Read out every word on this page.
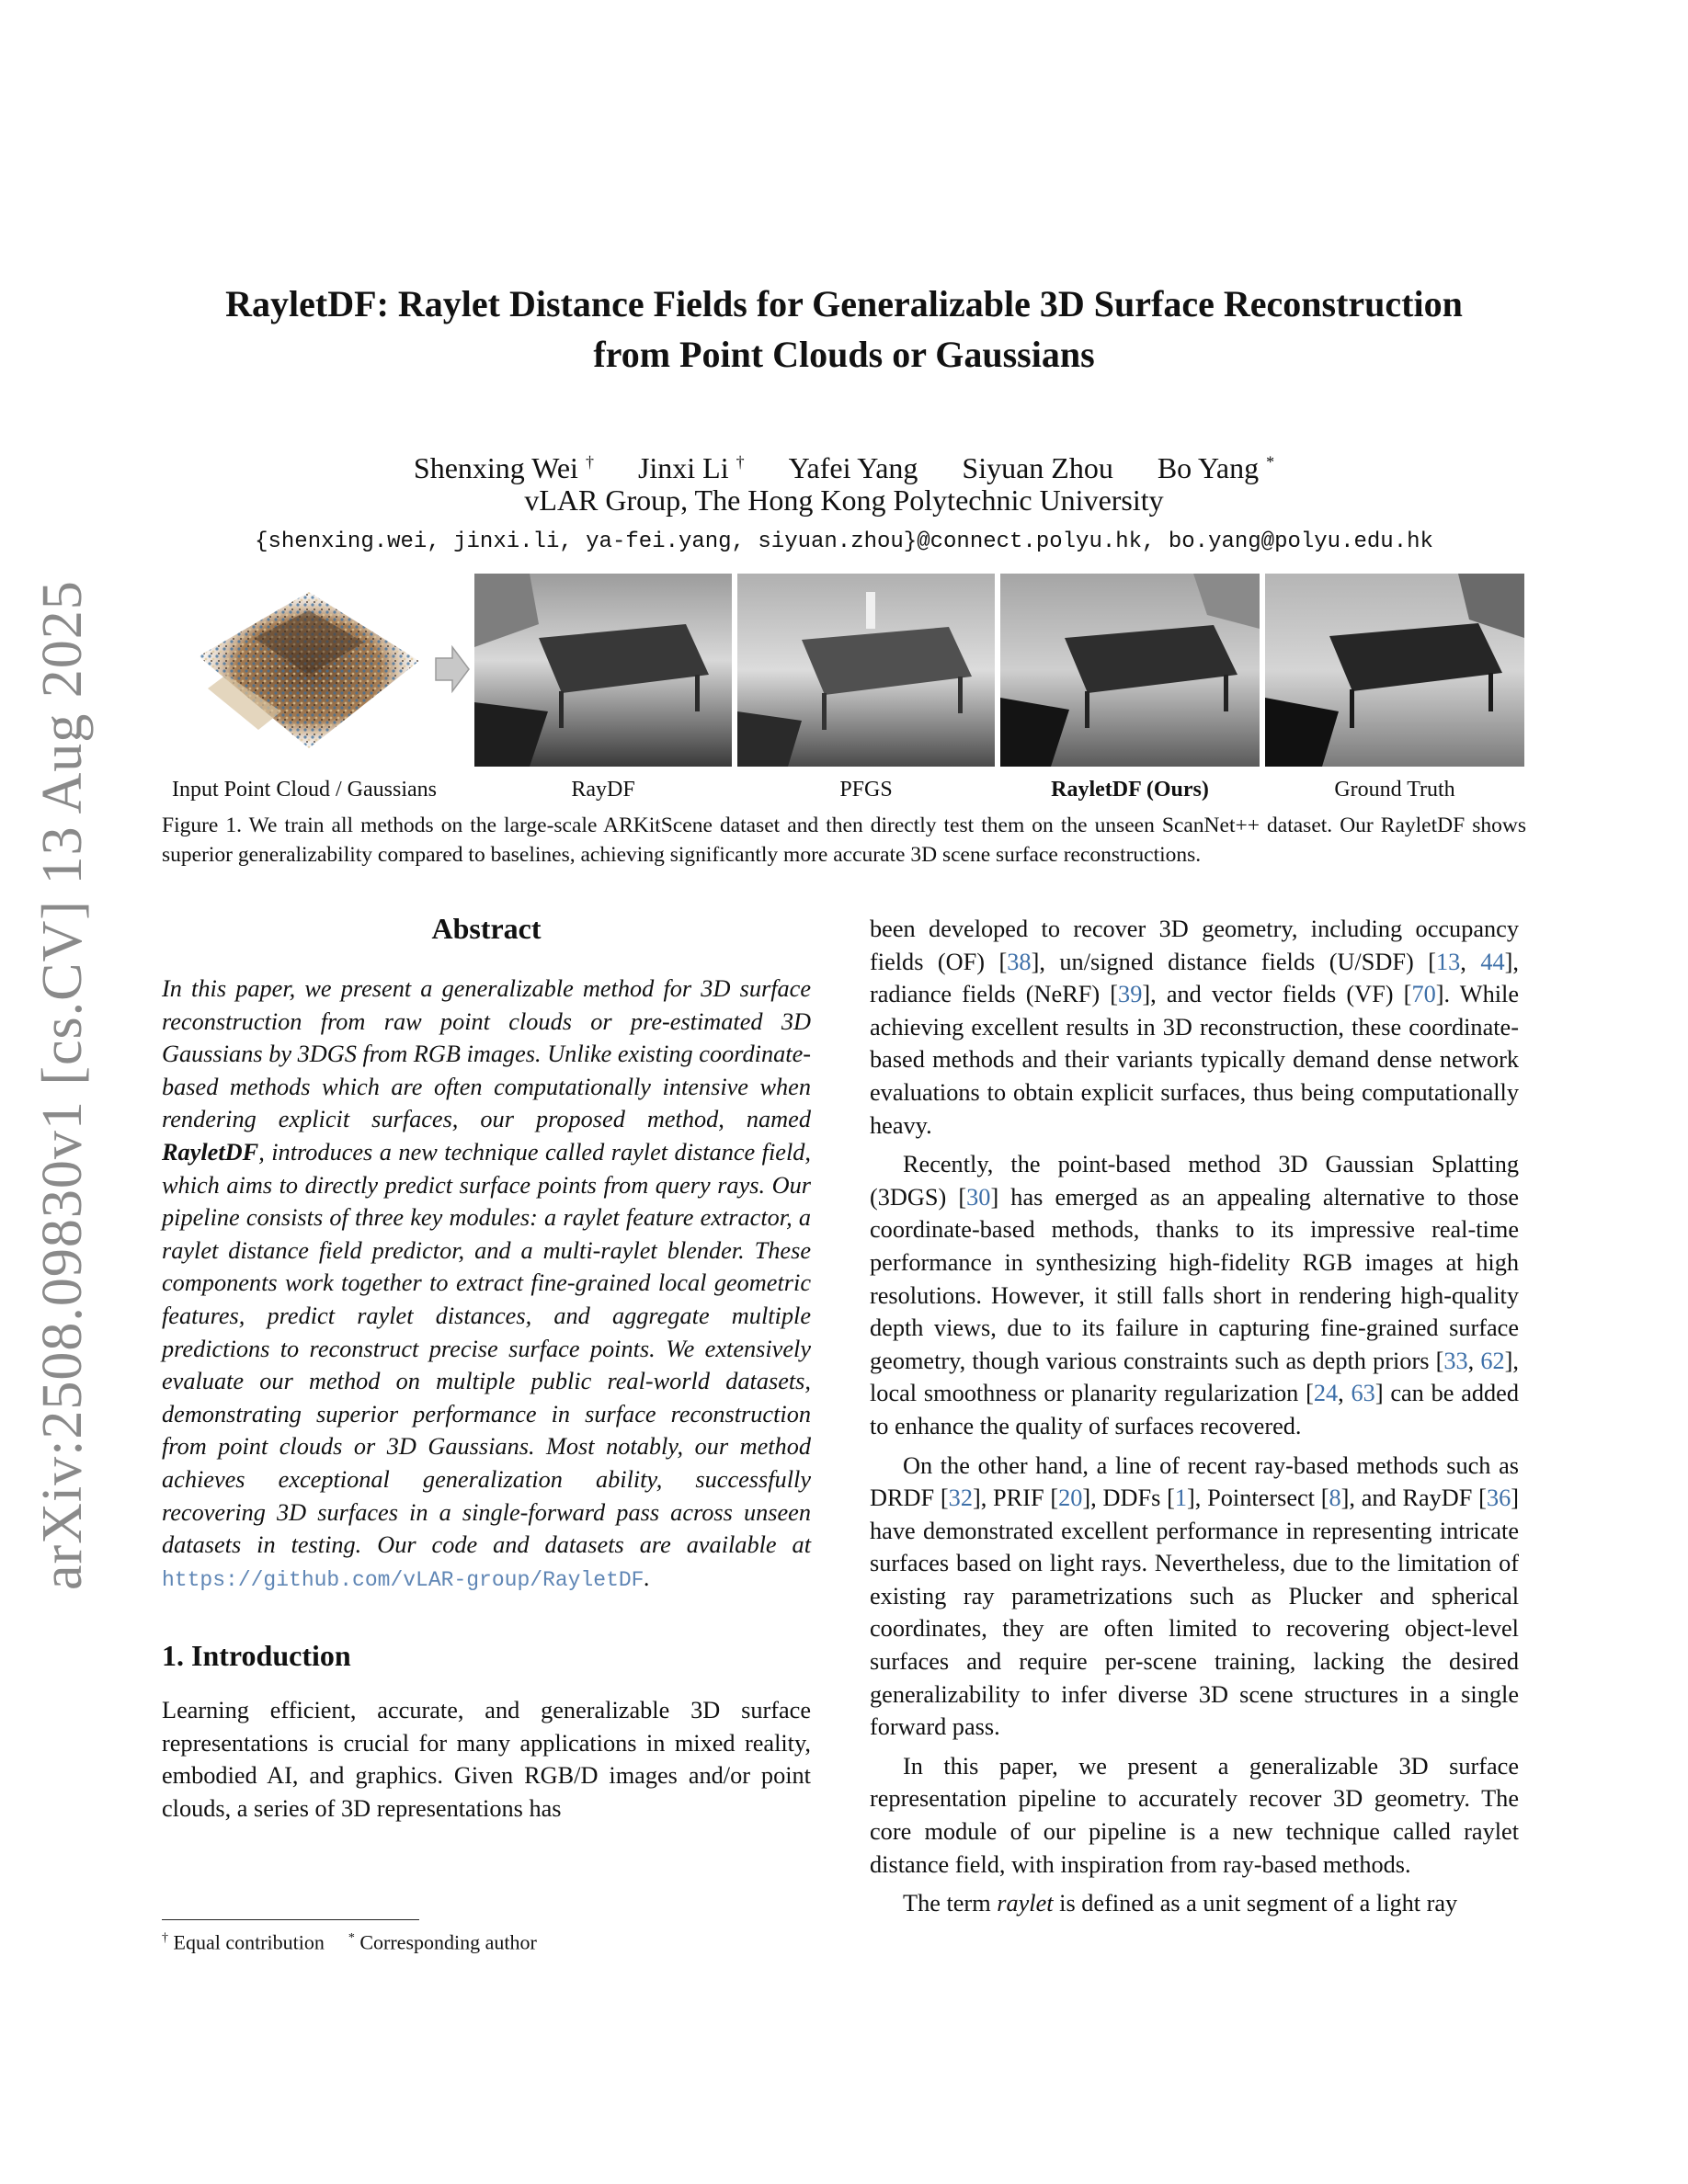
arXiv:2508.09830v1 [cs.CV] 13 Aug 2025
RayletDF: Raylet Distance Fields for Generalizable 3D Surface Reconstruction
from Point Clouds or Gaussians
Shenxing Wei † Jinxi Li † Yafei Yang Siyuan Zhou Bo Yang *
vLAR Group, The Hong Kong Polytechnic University
{shenxing.wei, jinxi.li, ya-fei.yang, siyuan.zhou}@connect.polyu.hk, bo.yang@polyu.edu.hk
Input Point Cloud / Gaussians	RayDF	PFGS	RayletDF (Ours)	Ground Truth
Figure 1. We train all methods on the large-scale ARKitScene dataset and then directly test them on the unseen ScanNet++ dataset. Our RayletDF shows superior generalizability compared to baselines, achieving significantly more accurate 3D scene surface reconstructions.
Abstract

In this paper, we present a generalizable method for 3D surface reconstruction from raw point clouds or pre-estimated 3D Gaussians by 3DGS from RGB images. Unlike existing coordinate-based methods which are often computationally intensive when rendering explicit surfaces, our proposed method, named RayletDF, introduces a new technique called raylet distance field, which aims to directly predict surface points from query rays. Our pipeline consists of three key modules: a raylet feature extractor, a raylet distance field predictor, and a multi-raylet blender. These components work together to extract fine-grained local geometric features, predict raylet distances, and aggregate multiple predictions to reconstruct precise surface points. We extensively evaluate our method on multiple public real-world datasets, demonstrating superior performance in surface reconstruction from point clouds or 3D Gaussians. Most notably, our method achieves exceptional generalization ability, successfully recovering 3D surfaces in a single-forward pass across unseen datasets in testing. Our code and datasets are available at https://github.com/vLAR-group/RayletDF.

1. Introduction

Learning efficient, accurate, and generalizable 3D surface representations is crucial for many applications in mixed reality, embodied AI, and graphics. Given RGB/D images and/or point clouds, a series of 3D representations has

† Equal contribution * Corresponding author

been developed to recover 3D geometry, including occupancy fields (OF) [38], un/signed distance fields (U/SDF) [13, 44], radiance fields (NeRF) [39], and vector fields (VF) [70]. While achieving excellent results in 3D reconstruction, these coordinate-based methods and their variants typically demand dense network evaluations to obtain explicit surfaces, thus being computationally heavy.

Recently, the point-based method 3D Gaussian Splatting (3DGS) [30] has emerged as an appealing alternative to those coordinate-based methods, thanks to its impressive real-time performance in synthesizing high-fidelity RGB images at high resolutions. However, it still falls short in rendering high-quality depth views, due to its failure in capturing fine-grained surface geometry, though various constraints such as depth priors [33, 62], local smoothness or planarity regularization [24, 63] can be added to enhance the quality of surfaces recovered.

On the other hand, a line of recent ray-based methods such as DRDF [32], PRIF [20], DDFs [1], Pointersect [8], and RayDF [36] have demonstrated excellent performance in representing intricate surfaces based on light rays. Nevertheless, due to the limitation of existing ray parametrizations such as Plucker and spherical coordinates, they are often limited to recovering object-level surfaces and require per-scene training, lacking the desired generalizability to infer diverse 3D scene structures in a single forward pass.

In this paper, we present a generalizable 3D surface representation pipeline to accurately recover 3D geometry. The core module of our pipeline is a new technique called raylet distance field, with inspiration from ray-based methods.

The term raylet is defined as a unit segment of a light ray
